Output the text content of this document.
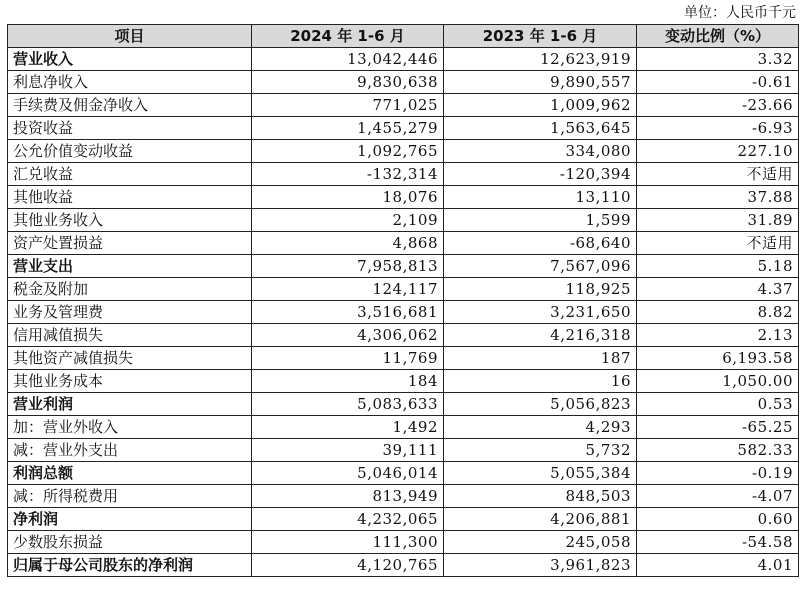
单位：人民币千元
项目	2024 年 1-6 月	2023 年 1-6 月	变动比例（%）
营业收入	13,042,446	12,623,919	3.32
利息净收入	9,830,638	9,890,557	-0.61
手续费及佣金净收入	771,025	1,009,962	-23.66
投资收益	1,455,279	1,563,645	-6.93
公允价值变动收益	1,092,765	334,080	227.10
汇兑收益	-132,314	-120,394	不适用
其他收益	18,076	13,110	37.88
其他业务收入	2,109	1,599	31.89
资产处置损益	4,868	-68,640	不适用
营业支出	7,958,813	7,567,096	5.18
税金及附加	124,117	118,925	4.37
业务及管理费	3,516,681	3,231,650	8.82
信用减值损失	4,306,062	4,216,318	2.13
其他资产减值损失	11,769	187	6,193.58
其他业务成本	184	16	1,050.00
营业利润	5,083,633	5,056,823	0.53
加：营业外收入	1,492	4,293	-65.25
减：营业外支出	39,111	5,732	582.33
利润总额	5,046,014	5,055,384	-0.19
减：所得税费用	813,949	848,503	-4.07
净利润	4,232,065	4,206,881	0.60
少数股东损益	111,300	245,058	-54.58
归属于母公司股东的净利润	4,120,765	3,961,823	4.01
